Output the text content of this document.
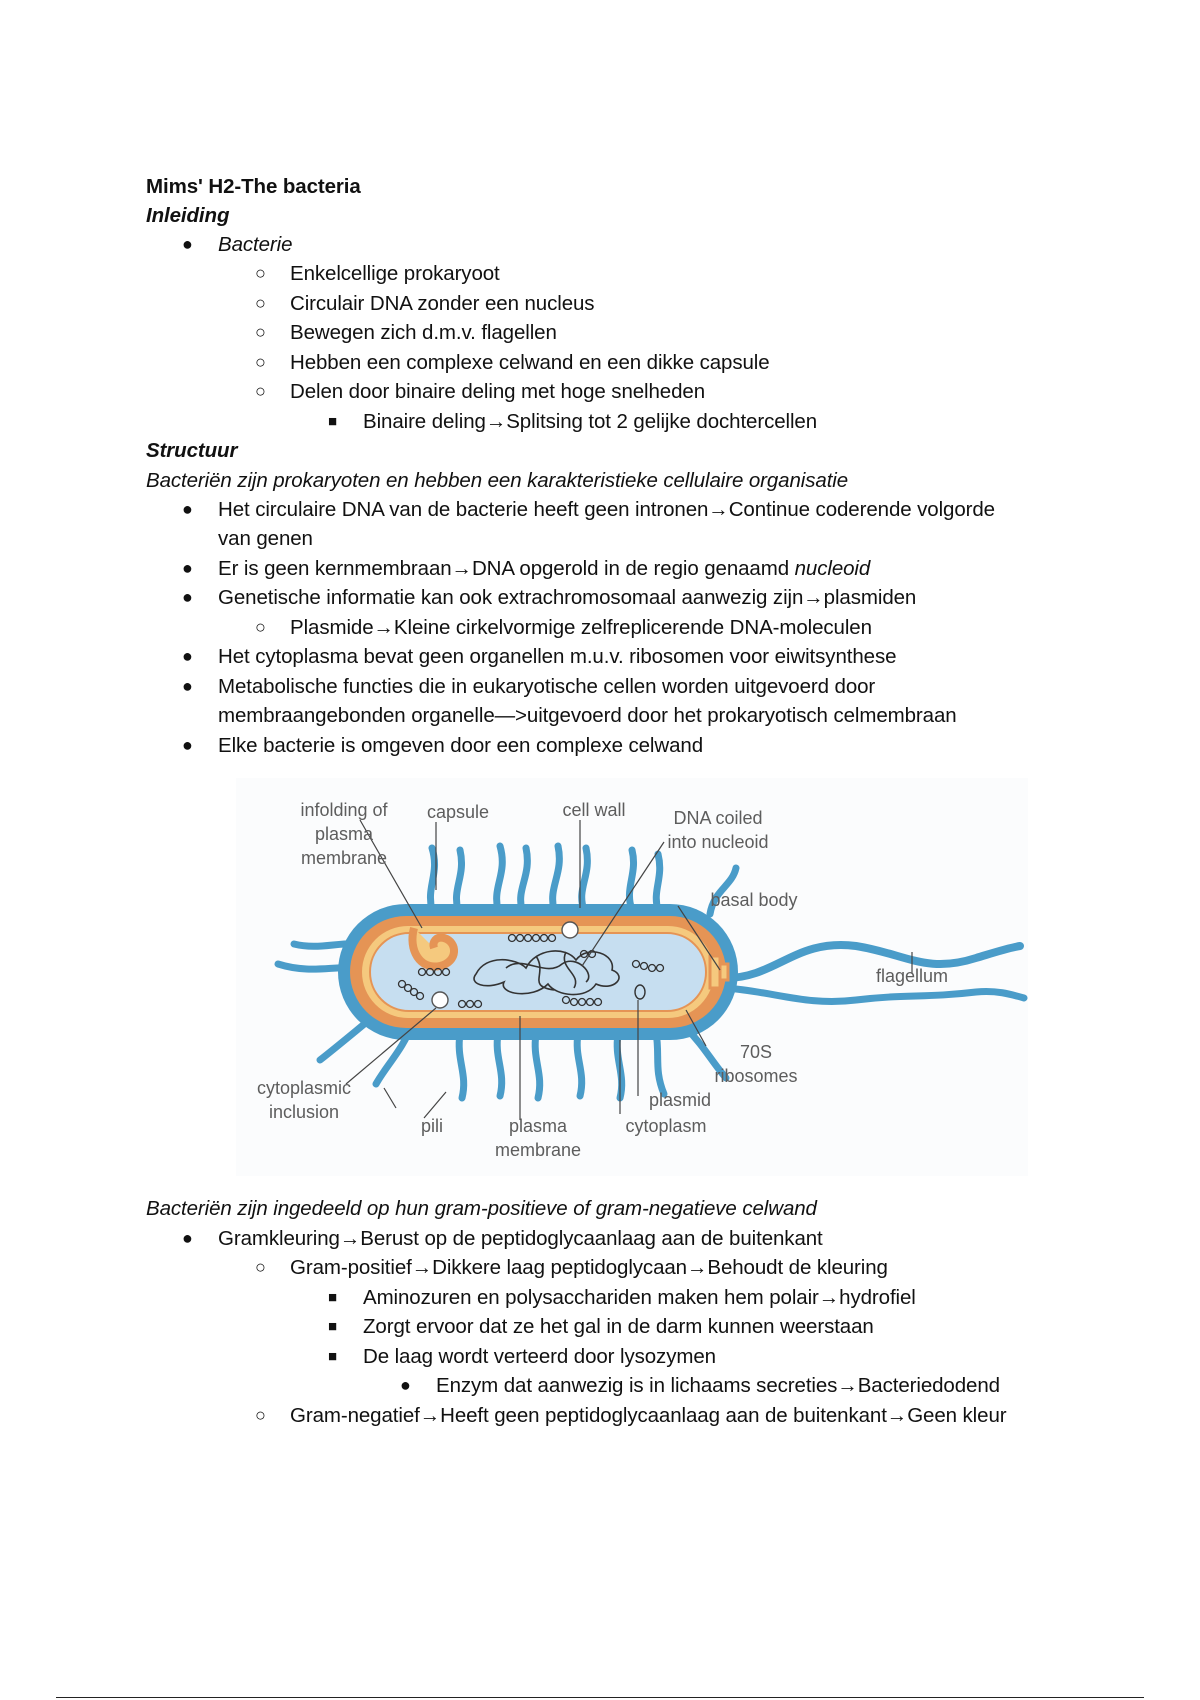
Mims' H2-The bacteria
Inleiding
● Bacterie
○ Enkelcellige prokaryoot
○ Circulair DNA zonder een nucleus
○ Bewegen zich d.m.v. flagellen
○ Hebben een complexe celwand en een dikke capsule
○ Delen door binaire deling met hoge snelheden
■ Binaire deling→Splitsing tot 2 gelijke dochtercellen
Structuur
Bacteriën zijn prokaryoten en hebben een karakteristieke cellulaire organisatie
● Het circulaire DNA van de bacterie heeft geen intronen→Continue coderende volgorde
van genen
● Er is geen kernmembraan→DNA opgerold in de regio genaamd nucleoid
● Genetische informatie kan ook extrachromosomaal aanwezig zijn→plasmiden
○ Plasmide→Kleine cirkelvormige zelfreplicerende DNA-moleculen
● Het cytoplasma bevat geen organellen m.u.v. ribosomen voor eiwitsynthese
● Metabolische functies die in eukaryotische cellen worden uitgevoerd door
membraangebonden organelle—>uitgevoerd door het prokaryotisch celmembraan
● Elke bacterie is omgeven door een complexe celwand
infolding of
plasma
membrane
capsule	cell wall	DNA coiled
into nucleoid
basal body
flagellum
70S
ribosomes
plasmid
cytoplasm
plasma
membrane
pili
cytoplasmic
inclusion
Bacteriën zijn ingedeeld op hun gram-positieve of gram-negatieve celwand
● Gramkleuring→Berust op de peptidoglycaanlaag aan de buitenkant
○ Gram-positief→Dikkere laag peptidoglycaan→Behoudt de kleuring
■ Aminozuren en polysacchariden maken hem polair→hydrofiel
■ Zorgt ervoor dat ze het gal in de darm kunnen weerstaan
■ De laag wordt verteerd door lysozymen
● Enzym dat aanwezig is in lichaams secreties→Bacteriedodend
○ Gram-negatief→Heeft geen peptidoglycaanlaag aan de buitenkant→Geen kleur
